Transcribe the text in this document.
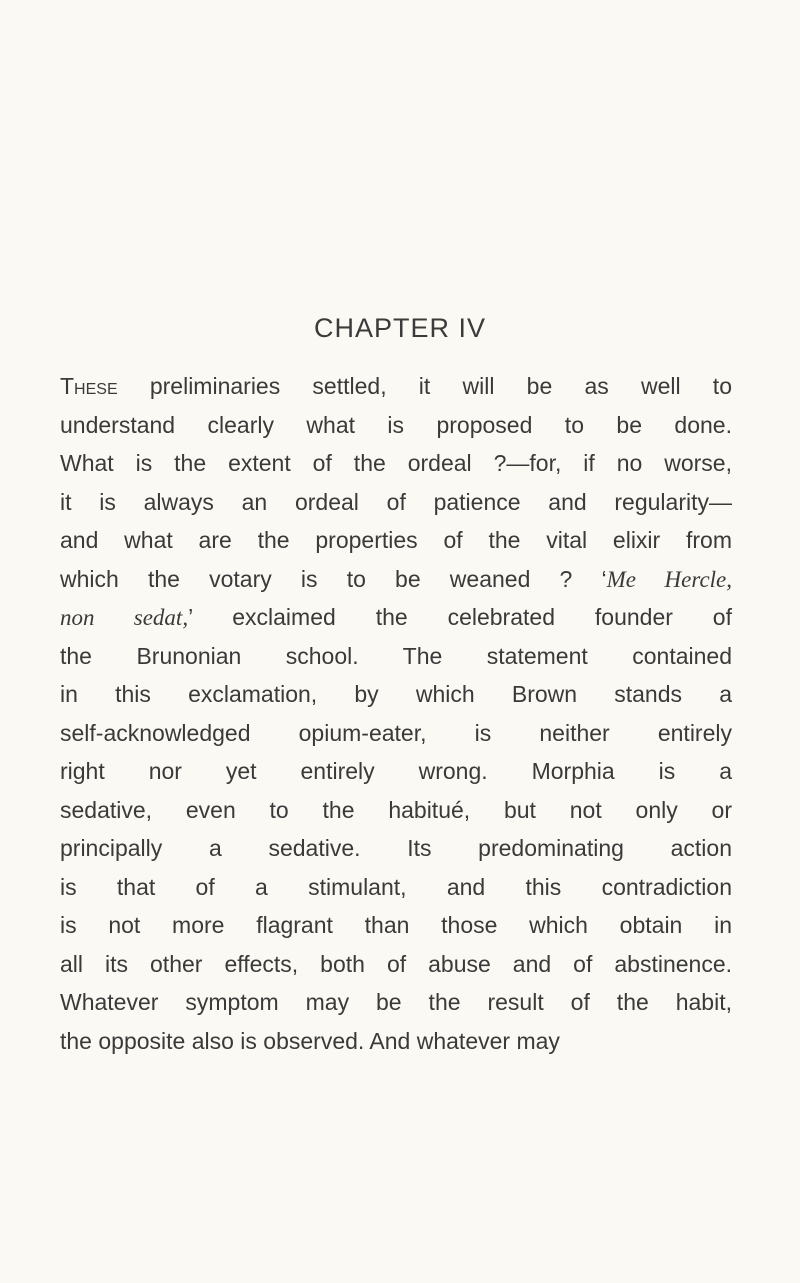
CHAPTER IV
These preliminaries settled, it will be as well to
understand clearly what is proposed to be done.
What is the extent of the ordeal ?—for, if no worse,
it is always an ordeal of patience and regularity—
and what are the properties of the vital elixir from
which the votary is to be weaned ? ‘Me Hercle,
non sedat,’ exclaimed the celebrated founder of
the Brunonian school. The statement contained
in this exclamation, by which Brown stands a
self-acknowledged opium-eater, is neither entirely
right nor yet entirely wrong. Morphia is a
sedative, even to the habitué, but not only or
principally a sedative. Its predominating action
is that of a stimulant, and this contradiction
is not more flagrant than those which obtain in
all its other effects, both of abuse and of abstinence.
Whatever symptom may be the result of the habit,
the opposite also is observed. And whatever may
